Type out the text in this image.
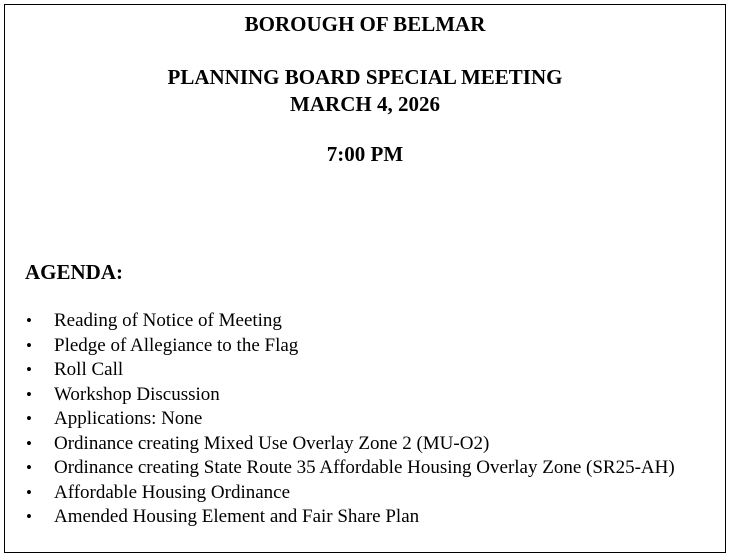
BOROUGH OF BELMAR
PLANNING BOARD SPECIAL MEETING
MARCH 4, 2026
7:00 PM
AGENDA:
• Reading of Notice of Meeting
• Pledge of Allegiance to the Flag
• Roll Call
• Workshop Discussion
• Applications: None
• Ordinance creating Mixed Use Overlay Zone 2 (MU-O2)
• Ordinance creating State Route 35 Affordable Housing Overlay Zone (SR25-AH)
• Affordable Housing Ordinance
• Amended Housing Element and Fair Share Plan
